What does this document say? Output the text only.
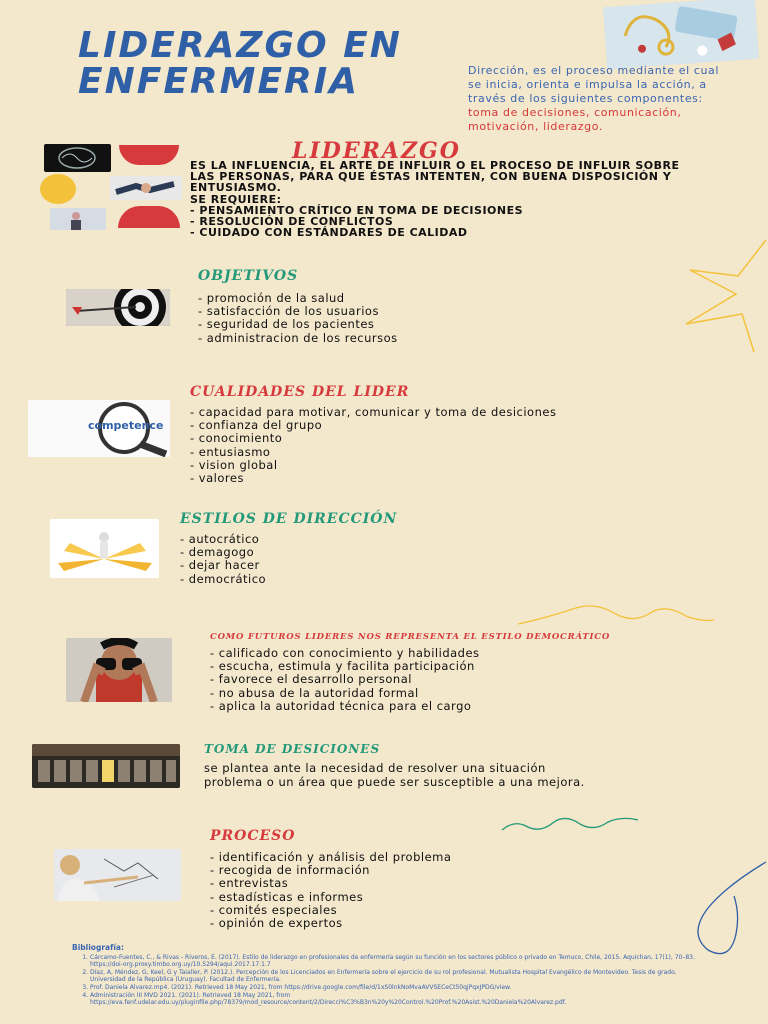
LIDERAZGO EN
ENFERMERIA	Dirección, es el proceso mediante el cual se inicia, orienta e impulsa la acción, a través de los siguientes componentes: toma de decisiones, comunicación, motivación, liderazgo.
LIDERAZGO
ES LA INFLUENCIA, EL ARTE DE INFLUIR O EL PROCESO DE INFLUIR SOBRE
LAS PERSONAS, PARA QUE ÉSTAS INTENTEN, CON BUENA DISPOSICIÓN Y
ENTUSIASMO.
SE REQUIERE:
- PENSAMIENTO CRÍTICO EN TOMA DE DECISIONES
- RESOLUCIÓN DE CONFLICTOS
- CUIDADO CON ESTÁNDARES DE CALIDAD
OBJETIVOS
- promoción de la salud
- satisfacción de los usuarios
- seguridad de los pacientes
- administracion de los recursos
competence
CUALIDADES DEL LIDER
- capacidad para motivar, comunicar y toma de desiciones
- confianza del grupo
- conocimiento
- entusiasmo
- vision global
- valores
ESTILOS DE DIRECCIÓN
- autocrático
- demagogo
- dejar hacer
- democrático
COMO FUTUROS LIDERES NOS REPRESENTA EL ESTILO DEMOCRÁTICO
- calificado con conocimiento y habilidades
- escucha, estimula y facilita participación
- favorece el desarrollo personal
- no abusa de la autoridad formal
- aplica la autoridad técnica para el cargo
TOMA DE DESICIONES
se plantea ante la necesidad de resolver una situación
problema o un área que puede ser susceptible a una mejora.
PROCESO
- identificación y análisis del problema
- recogida de información
- entrevistas
- estadísticas e informes
- comités especiales
- opinión de expertos
Bibliografía:
1. Cárcamo-Fuentes, C., & Rivas - Riveros, E. (2017). Estilo de liderazgo en profesionales de enfermería según su función en los sectores público o privado en Temuco, Chile, 2015. Aquichan, 17(1), 70–83. https://doi-org.proxy.timbo.org.uy/10.5294/aqui.2017.17.1.7
2. Díaz, A, Méndez, G, Keel, G y Taialler, P. (2012.). Percepción de los Licenciados en Enfermería sobre el ejercicio de su rol profesional. Mutualista Hospital Evangélico de Montevideo. Tesis de grado. Universidad de la República (Uruguay). Facultad de Enfermería.
3. Prof. Daniela Alvarez.mp4. (2021). Retrieved 18 May 2021, from https://drive.google.com/file/d/1xS0lnkNoMvaAVVSECeCt50qjPqxJPDG/view.
4. Administración III MVD 2021. (2021). Retrieved 18 May 2021, from https://eva.fenf.udelar.edu.uy/pluginfile.php/78379/mod_resource/content/2/Direcci%C3%B3n%20y%20Control.%20Prof.%20Asist.%20Daniela%20Alvarez.pdf.
